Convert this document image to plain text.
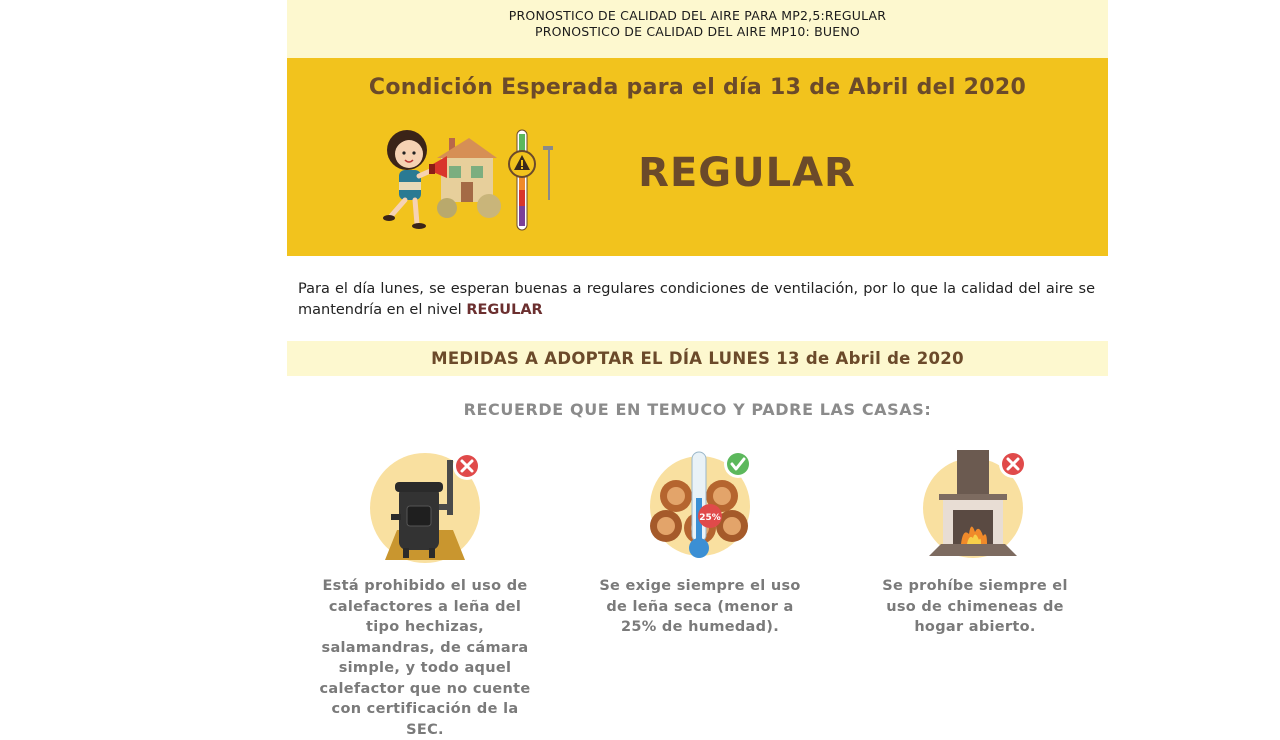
PRONOSTICO DE CALIDAD DEL AIRE PARA MP2,5:REGULAR
PRONOSTICO DE CALIDAD DEL AIRE MP10: BUENO
Condición Esperada para el día 13 de Abril del 2020
REGULAR
Para el día lunes, se esperan buenas a regulares condiciones de ventilación, por lo que la calidad del aire se mantendría en el nivel REGULAR
MEDIDAS A ADOPTAR EL DÍA LUNES 13 de Abril de 2020
RECUERDE QUE EN TEMUCO Y PADRE LAS CASAS:
Está prohibido el uso de calefactores a leña del tipo hechizas, salamandras, de cámara simple, y todo aquel calefactor que no cuente con certificación de la SEC.
25%
Se exige siempre el uso de leña seca (menor a 25% de humedad).
Se prohíbe siempre el uso de chimeneas de hogar abierto.
